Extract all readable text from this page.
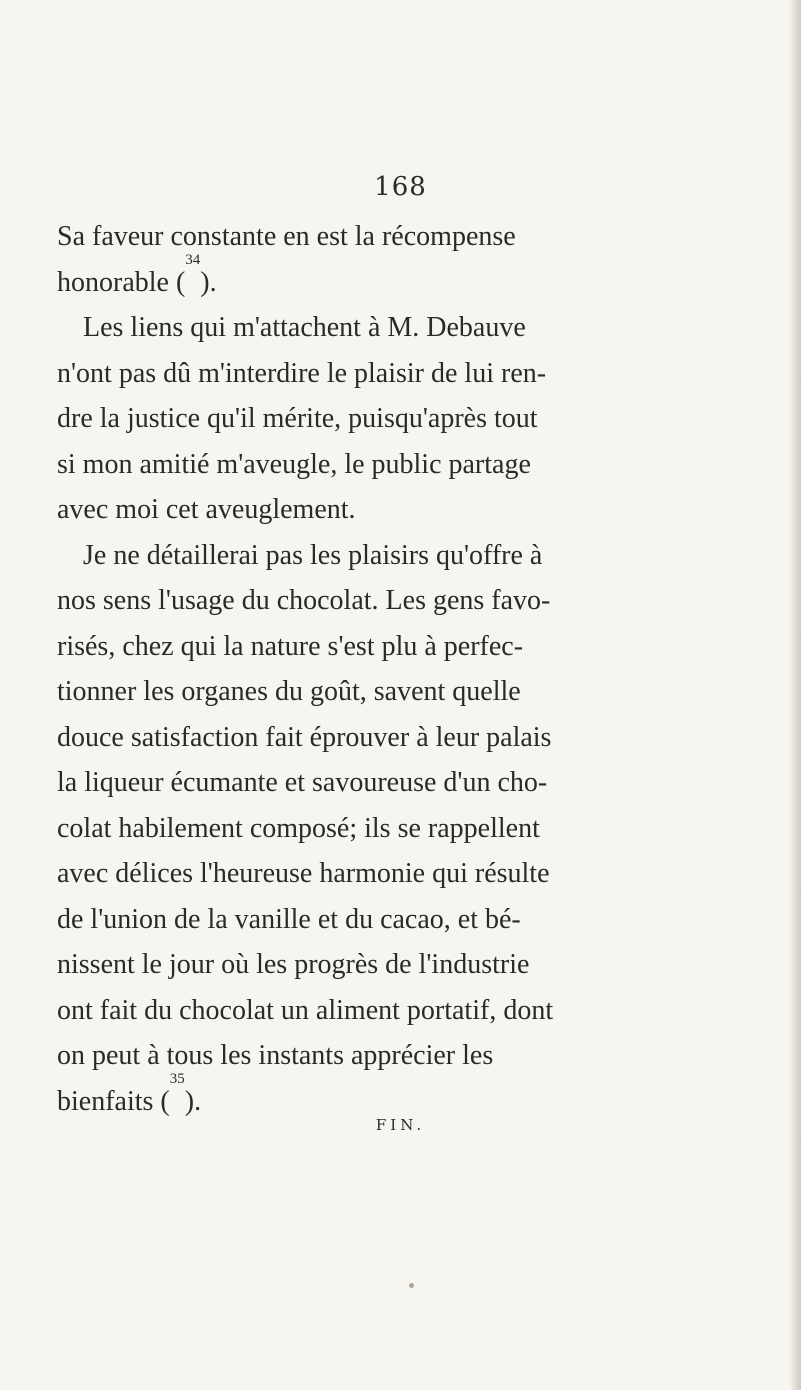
168
Sa faveur constante en est la récompense
honorable (
34
).
Les liens qui m'attachent à M. Debauve
n'ont pas dû m'interdire le plaisir de lui ren-
dre la justice qu'il mérite, puisqu'après tout
si mon amitié m'aveugle, le public partage
avec moi cet aveuglement.
Je ne détaillerai pas les plaisirs qu'offre à
nos sens l'usage du chocolat. Les gens favo-
risés, chez qui la nature s'est plu à perfec-
tionner les organes du goût, savent quelle
douce satisfaction fait éprouver à leur palais
la liqueur écumante et savoureuse d'un cho-
colat habilement composé; ils se rappellent
avec délices l'heureuse harmonie qui résulte
de l'union de la vanille et du cacao, et bé-
nissent le jour où les progrès de l'industrie
ont fait du chocolat un aliment portatif, dont
on peut à tous les instants apprécier les
bienfaits (
35
).
FIN.
